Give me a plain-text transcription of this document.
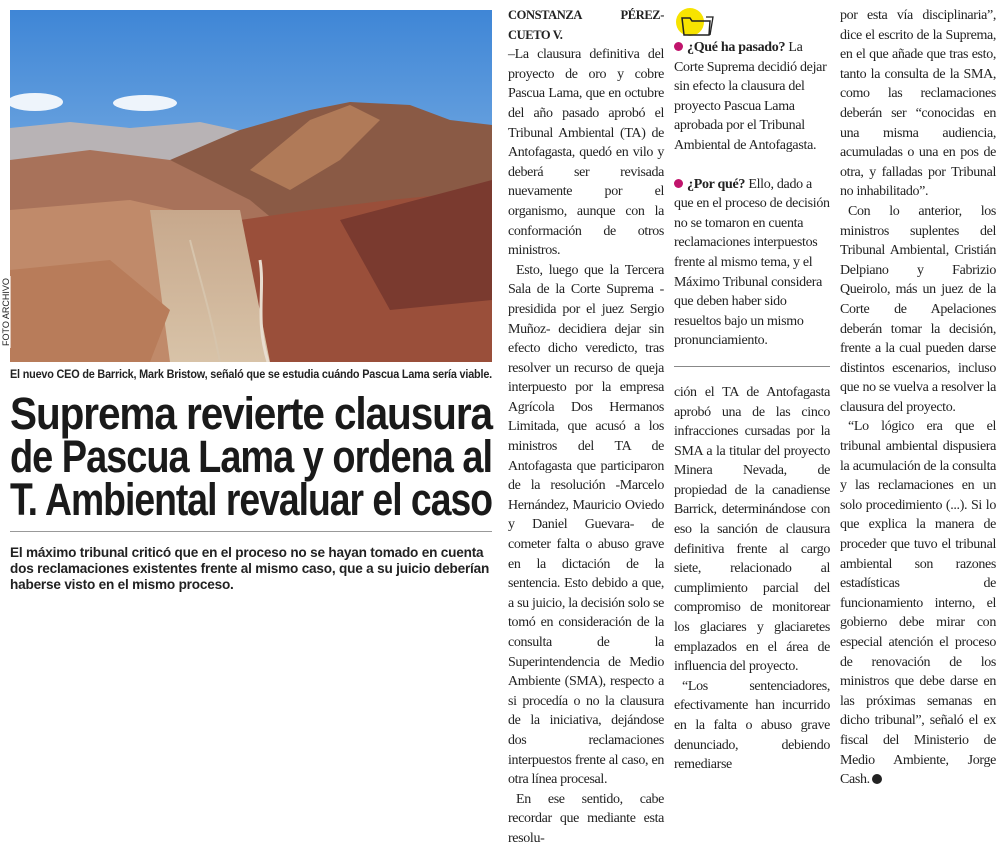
FOTO ARCHIVO
El nuevo CEO de Barrick, Mark Bristow, señaló que se estudia cuándo Pascua Lama sería viable.
Suprema revierte clausura
de Pascua Lama y ordena al
T. Ambiental revaluar el caso

El máximo tribunal criticó que en el proceso no se hayan tomado en cuenta dos reclamaciones existentes frente al mismo caso, que a su juicio deberían haberse visto en el mismo proceso.

CONSTANZA PÉREZ-CUETO V.

–La clausura definitiva del proyecto de oro y cobre Pascua Lama, que en octubre del año pasado aprobó el Tribunal Ambiental (TA) de Antofagasta, quedó en vilo y deberá ser revisada nuevamente por el organismo, aunque con la conformación de otros ministros.

Esto, luego que la Tercera Sala de la Corte Suprema -presidida por el juez Sergio Muñoz- decidiera dejar sin efecto dicho veredicto, tras resolver un recurso de queja interpuesto por la empresa Agrícola Dos Hermanos Limitada, que acusó a los ministros del TA de Antofagasta que participaron de la resolución -Marcelo Hernández, Mauricio Oviedo y Daniel Guevara- de cometer falta o abuso grave en la dictación de la sentencia. Esto debido a que, a su juicio, la decisión solo se tomó en consideración de la consulta de la Superintendencia de Medio Ambiente (SMA), respecto a si procedía o no la clausura de la iniciativa, dejándose dos reclamaciones interpuestos frente al caso, en otra línea procesal.

En ese sentido, cabe recordar que mediante esta resolu-

¿Qué ha pasado? La Corte Suprema decidió dejar sin efecto la clausura del proyecto Pascua Lama aprobada por el Tribunal Ambiental de Antofagasta.

¿Por qué? Ello, dado a que en el proceso de decisión no se tomaron en cuenta reclamaciones interpuestos frente al mismo tema, y el Máximo Tribunal considera que deben haber sido resueltos bajo un mismo pronunciamiento.

ción el TA de Antofagasta aprobó una de las cinco infracciones cursadas por la SMA a la titular del proyecto Minera Nevada, de propiedad de la canadiense Barrick, determinándose con eso la sanción de clausura definitiva frente al cargo siete, relacionado al cumplimiento parcial del compromiso de monitorear los glaciares y glaciaretes emplazados en el área de influencia del proyecto.

“Los sentenciadores, efectivamente han incurrido en la falta o abuso grave denunciado, debiendo remediarse

por esta vía disciplinaria”, dice el escrito de la Suprema, en el que añade que tras esto, tanto la consulta de la SMA, como las reclamaciones deberán ser “conocidas en una misma audiencia, acumuladas o una en pos de otra, y falladas por Tribunal no inhabilitado”.

Con lo anterior, los ministros suplentes del Tribunal Ambiental, Cristián Delpiano y Fabrizio Queirolo, más un juez de la Corte de Apelaciones deberán tomar la decisión, frente a la cual pueden darse distintos escenarios, incluso que no se vuelva a resolver la clausura del proyecto.

“Lo lógico era que el tribunal ambiental dispusiera la acumulación de la consulta y las reclamaciones en un solo procedimiento (...). Si lo que explica la manera de proceder que tuvo el tribunal ambiental son razones estadísticas de funcionamiento interno, el gobierno debe mirar con especial atención el proceso de renovación de los ministros que debe darse en las próximas semanas en dicho tribunal”, señaló el ex fiscal del Ministerio de Medio Ambiente, Jorge Cash.
